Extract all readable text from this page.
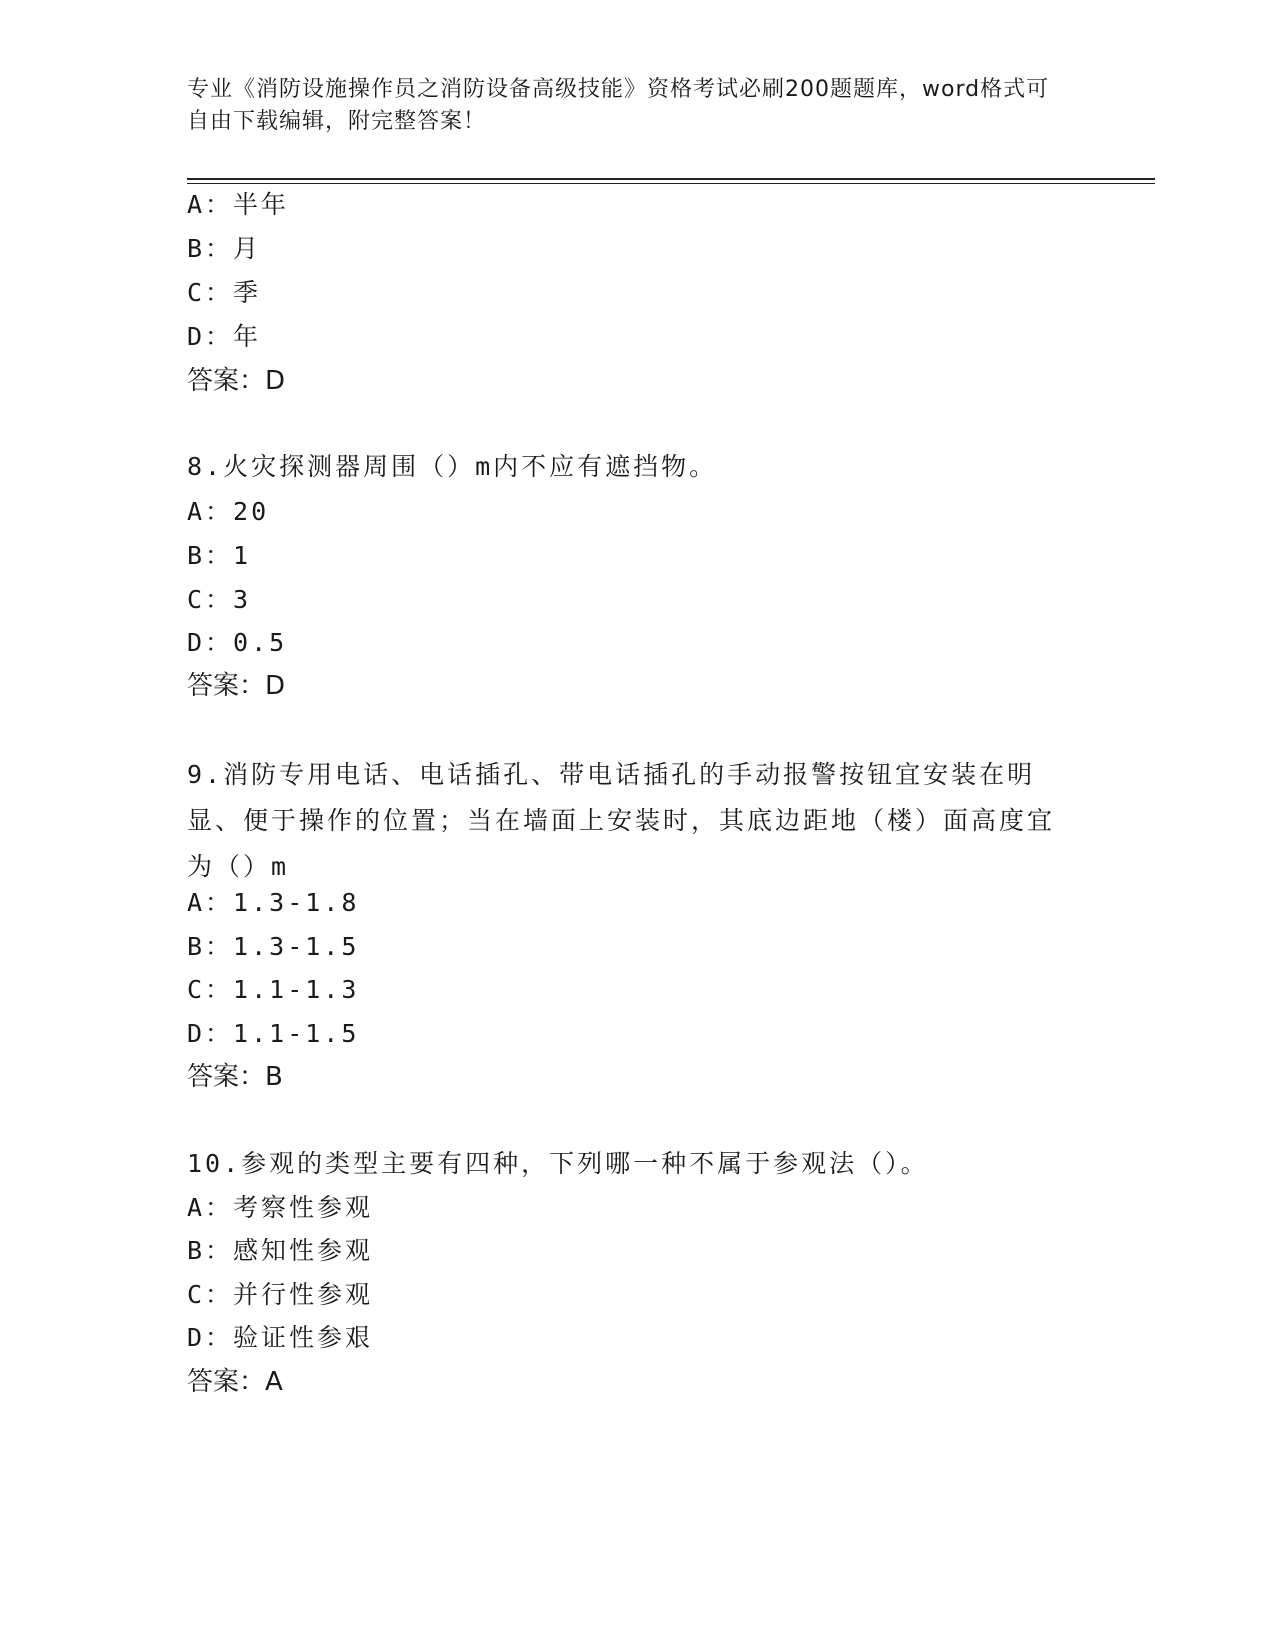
专业《消防设施操作员之消防设备高级技能》资格考试必刷200题题库，word格式可自由下载编辑，附完整答案！
A：半年
B：月
C：季
D：年
答案：D
8.火灾探测器周围（）m内不应有遮挡物。
A：20
B：1
C：3
D：0.5
答案：D
9.消防专用电话、电话插孔、带电话插孔的手动报警按钮宜安装在明显、便于操作的位置；当在墙面上安装时，其底边距地（楼）面高度宜为（）m
A：1.3-1.8
B：1.3-1.5
C：1.1-1.3
D：1.1-1.5
答案：B
10.参观的类型主要有四种，下列哪一种不属于参观法（）。
A：考察性参观
B：感知性参观
C：并行性参观
D：验证性参艰
答案：A
